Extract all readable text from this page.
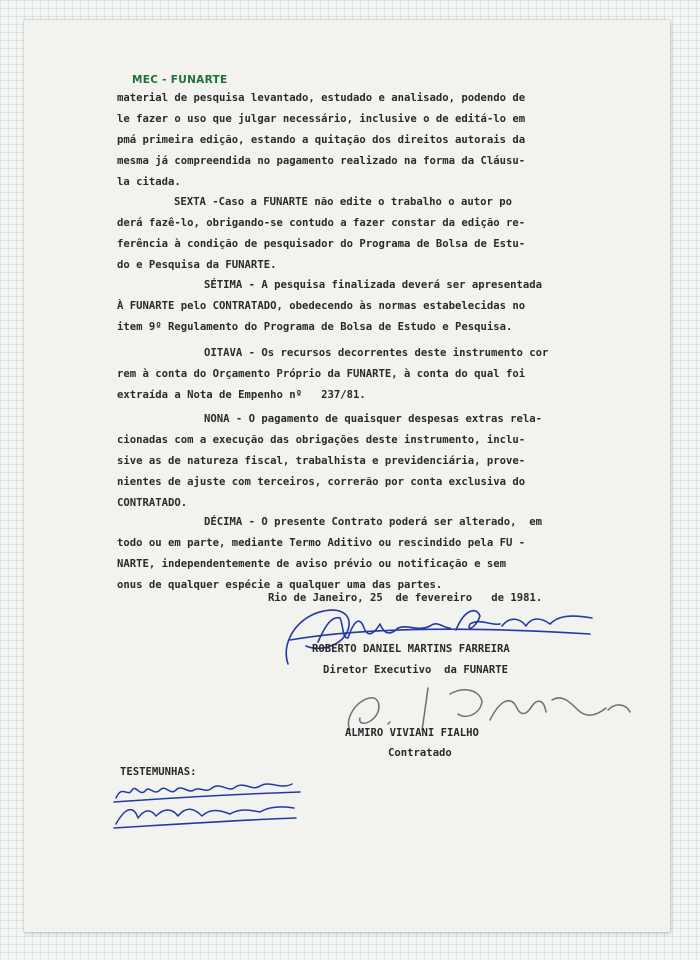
MEC - FUNARTE

material de pesquisa levantado, estudado e analisado, podendo de

le fazer o uso que julgar necessário, inclusive o de editá-lo em

pmá primeira edição, estando a quitação dos direitos autorais da

mesma já compreendida no pagamento realizado na forma da Cláusu-

la citada.

SEXTA -Caso a FUNARTE não edite o trabalho o autor po

derá fazê-lo, obrigando-se contudo a fazer constar da edição re-

ferência à condição de pesquisador do Programa de Bolsa de Estu-

do e Pesquisa da FUNARTE.

SÉTIMA - A pesquisa finalizada deverá ser apresentada

À FUNARTE pelo CONTRATADO, obedecendo às normas estabelecidas no

item 9º Regulamento do Programa de Bolsa de Estudo e Pesquisa.

OITAVA - Os recursos decorrentes deste instrumento cor

rem à conta do Orçamento Próprio da FUNARTE, à conta do qual foi

extraída a Nota de Empenho nº   237/81.

NONA - O pagamento de quaisquer despesas extras rela-

cionadas com a execução das obrigações deste instrumento, inclu-

sive as de natureza fiscal, trabalhista e previdenciária, prove-

nientes de ajuste com terceiros, correrão por conta exclusiva do

CONTRATADO.

DÉCIMA - O presente Contrato poderá ser alterado,  em

todo ou em parte, mediante Termo Aditivo ou rescindido pela FU -

NARTE, independentemente de aviso prévio ou notificação e sem

onus de qualquer espécie a qualquer uma das partes.

Rio de Janeiro, 25  de fevereiro   de 1981.

ROBERTO DANIEL MARTINS FARREIRA

Diretor Executivo  da FUNARTE

ALMIRO VIVIANI FIALHO

Contratado

TESTEMUNHAS:
